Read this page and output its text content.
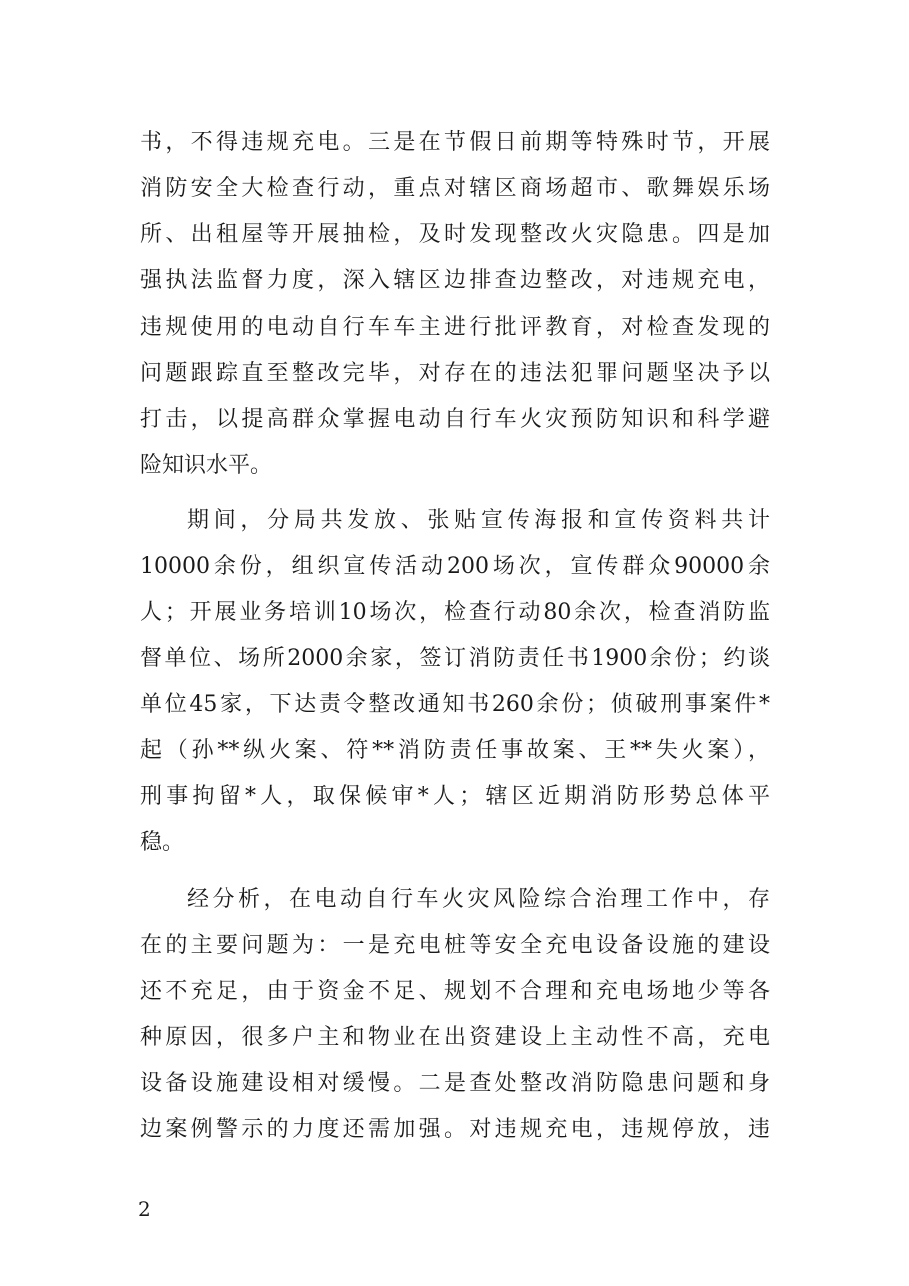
书，不得违规充电。三是在节假日前期等特殊时节，开展
消防安全大检查行动，重点对辖区商场超市、歌舞娱乐场
所、出租屋等开展抽检，及时发现整改火灾隐患。四是加
强执法监督力度，深入辖区边排查边整改，对违规充电，
违规使用的电动自行车车主进行批评教育，对检查发现的
问题跟踪直至整改完毕，对存在的违法犯罪问题坚决予以
打击，以提高群众掌握电动自行车火灾预防知识和科学避
险知识水平。
期间，分局共发放、张贴宣传海报和宣传资料共计
10000余份，组织宣传活动200场次，宣传群众90000余
人；开展业务培训10场次，检查行动80余次，检查消防监
督单位、场所2000余家，签订消防责任书1900余份；约谈
单位45家，下达责令整改通知书260余份；侦破刑事案件*
起（孙**纵火案、符**消防责任事故案、王**失火案），
刑事拘留*人，取保候审*人；辖区近期消防形势总体平
稳。
经分析，在电动自行车火灾风险综合治理工作中，存
在的主要问题为：一是充电桩等安全充电设备设施的建设
还不充足，由于资金不足、规划不合理和充电场地少等各
种原因，很多户主和物业在出资建设上主动性不高，充电
设备设施建设相对缓慢。二是查处整改消防隐患问题和身
边案例警示的力度还需加强。对违规充电，违规停放，违
2
